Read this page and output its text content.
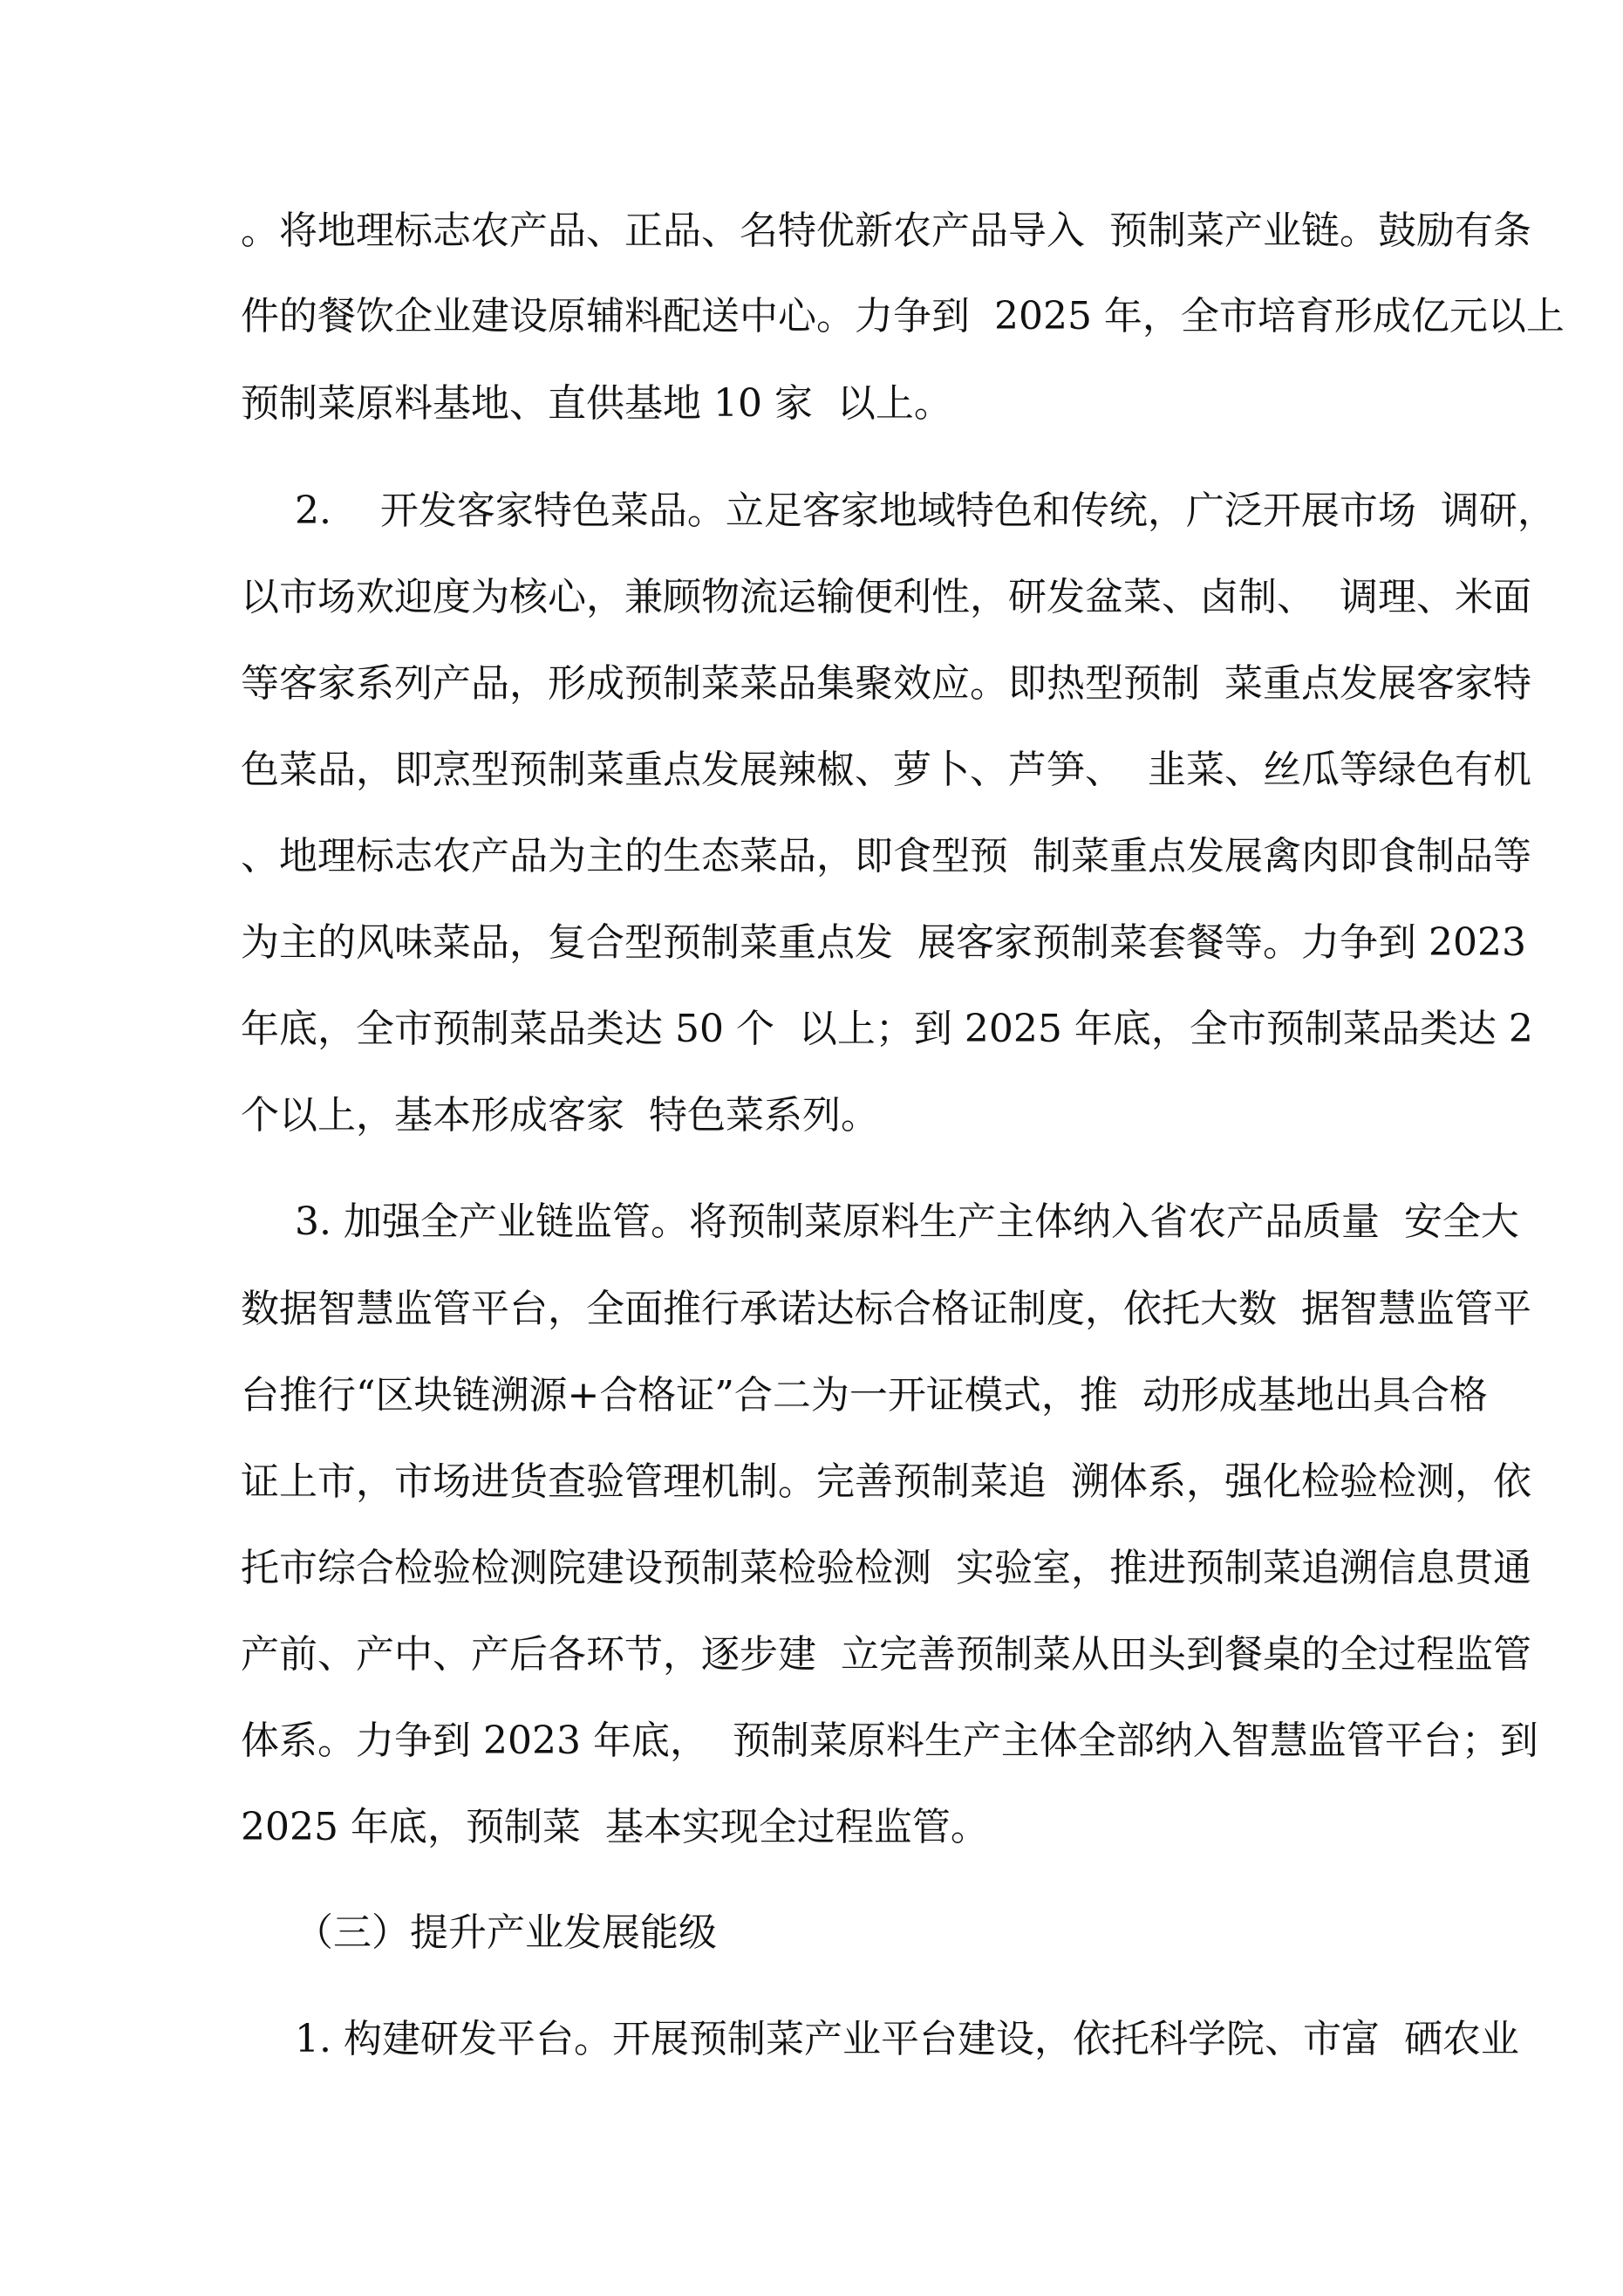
。将地理标志农产品、正品、名特优新农产品导入  预制菜产业链。鼓励有条
件的餐饮企业建设原辅料配送中心。力争到  2025 年，全市培育形成亿元以上
预制菜原料基地、直供基地 10 家  以上。
2.    开发客家特色菜品。立足客家地域特色和传统，广泛开展市场  调研，
以市场欢迎度为核心，兼顾物流运输便利性，研发盆菜、卤制、  调理、米面
等客家系列产品，形成预制菜菜品集聚效应。即热型预制  菜重点发展客家特
色菜品，即烹型预制菜重点发展辣椒、萝卜、芦笋、  韭菜、丝瓜等绿色有机
、地理标志农产品为主的生态菜品，即食型预  制菜重点发展禽肉即食制品等
为主的风味菜品，复合型预制菜重点发  展客家预制菜套餐等。力争到 2023
年底，全市预制菜品类达 50 个  以上；到 2025 年底，全市预制菜品类达 2
个以上，基本形成客家  特色菜系列。
3. 加强全产业链监管。将预制菜原料生产主体纳入省农产品质量  安全大
数据智慧监管平台，全面推行承诺达标合格证制度，依托大数  据智慧监管平
台推行“区块链溯源+合格证”合二为一开证模式，推  动形成基地出具合格
证上市，市场进货查验管理机制。完善预制菜追  溯体系，强化检验检测，依
托市综合检验检测院建设预制菜检验检测  实验室，推进预制菜追溯信息贯通
产前、产中、产后各环节，逐步建  立完善预制菜从田头到餐桌的全过程监管
体系。力争到 2023 年底，  预制菜原料生产主体全部纳入智慧监管平台；到
2025 年底，预制菜  基本实现全过程监管。
（三）提升产业发展能级
1. 构建研发平台。开展预制菜产业平台建设，依托科学院、市富  硒农业
